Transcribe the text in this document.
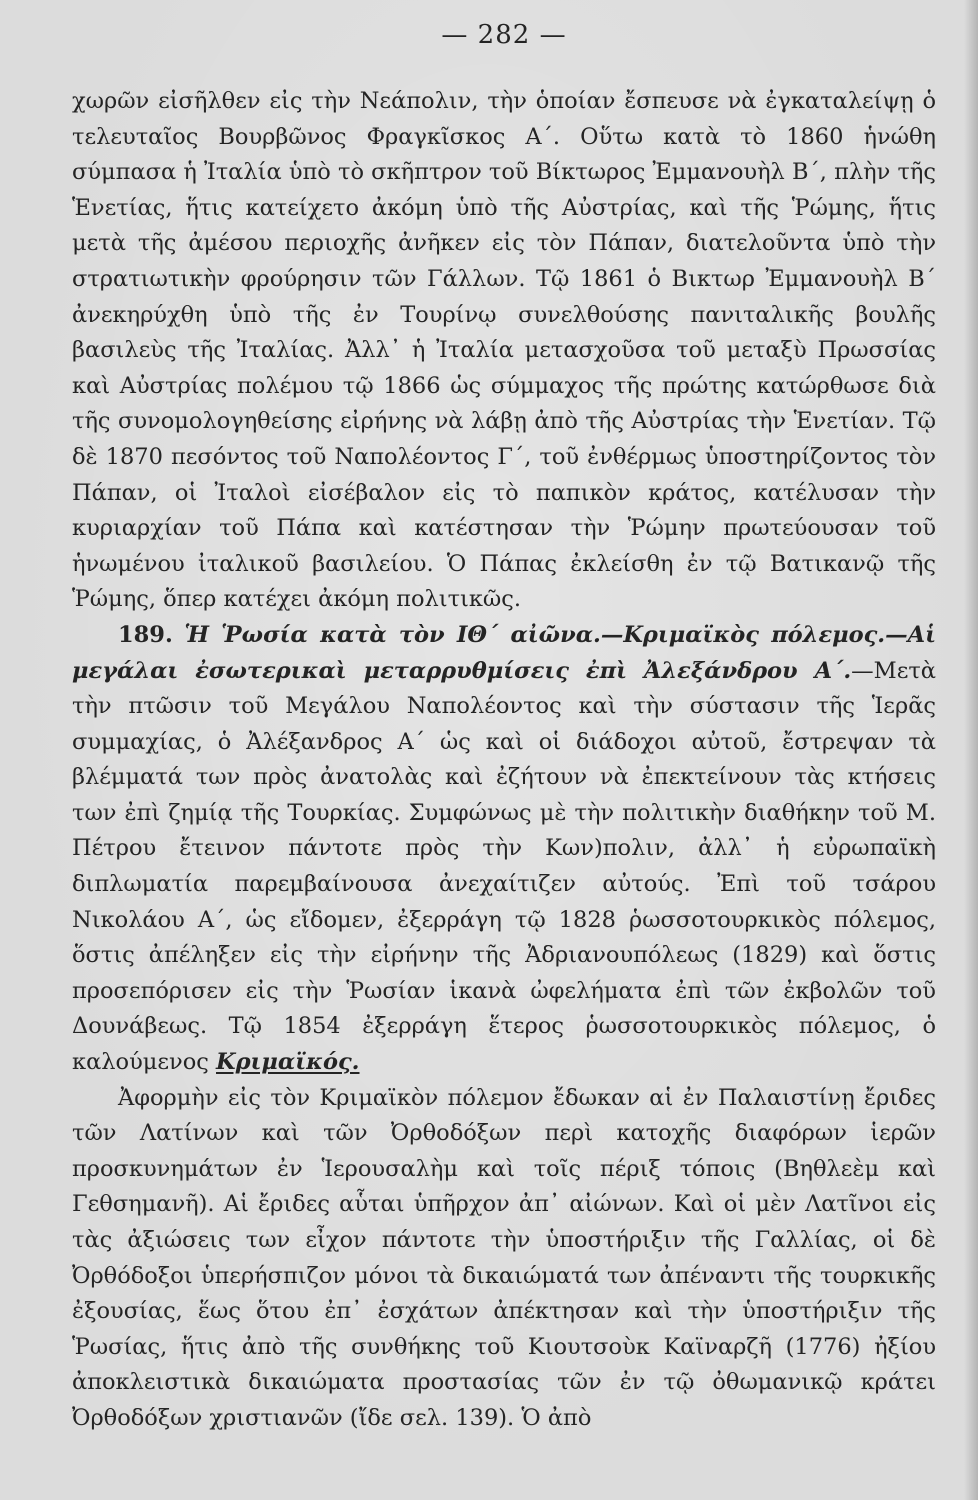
— 282 —

χωρῶν εἰσῆλθεν εἰς τὴν Νεάπολιν, τὴν ὁποίαν ἔσπευσε νὰ ἐγκαταλείψῃ ὁ τελευταῖος Βουρβῶνος Φραγκῖσκος Α΄. Οὕτω κατὰ τὸ 1860 ἡνώθη σύμπασα ἡ Ἰταλία ὑπὸ τὸ σκῆπτρον τοῦ Βίκτωρος Ἐμμανουὴλ Β΄, πλὴν τῆς Ἑνετίας, ἥτις κατείχετο ἀκόμη ὑπὸ τῆς Αὐστρίας, καὶ τῆς Ῥώμης, ἥτις μετὰ τῆς ἀμέσου περιοχῆς ἀνῆκεν εἰς τὸν Πάπαν, διατελοῦντα ὑπὸ τὴν στρατιωτικὴν φρούρησιν τῶν Γάλλων. Τῷ 1861 ὁ Βικτωρ Ἐμμανουὴλ Β΄ ἀνεκηρύχθη ὑπὸ τῆς ἐν Τουρίνῳ συνελθούσης πανιταλικῆς βουλῆς βασιλεὺς τῆς Ἰταλίας. Ἀλλ᾽ ἡ Ἰταλία μετασχοῦσα τοῦ μεταξὺ Πρωσσίας καὶ Αὐστρίας πολέμου τῷ 1866 ὡς σύμμαχος τῆς πρώτης κατώρθωσε διὰ τῆς συνομολογηθείσης εἰρήνης νὰ λάβῃ ἀπὸ τῆς Αὐστρίας τὴν Ἑνετίαν. Τῷ δὲ 1870 πεσόντος τοῦ Ναπολέοντος Γ΄, τοῦ ἐνθέρμως ὑποστηρίζοντος τὸν Πάπαν, οἱ Ἰταλοὶ εἰσέβαλον εἰς τὸ παπικὸν κράτος, κατέλυσαν τὴν κυριαρχίαν τοῦ Πάπα καὶ κατέστησαν τὴν Ῥώμην πρωτεύουσαν τοῦ ἡνωμένου ἰταλικοῦ βασιλείου. Ὁ Πάπας ἐκλείσθη ἐν τῷ Βατικανῷ τῆς Ῥώμης, ὅπερ κατέχει ἀκόμη πολιτικῶς.

189. Ἡ Ῥωσία κατὰ τὸν ΙΘ΄ αἰῶνα.—Κριμαϊκὸς πόλεμος.—Αἱ μεγάλαι ἐσωτερικαὶ μεταρρυθμίσεις ἐπὶ Ἀλεξάνδρου Α΄.—Μετὰ τὴν πτῶσιν τοῦ Μεγάλου Ναπολέοντος καὶ τὴν σύστασιν τῆς Ἱερᾶς συμμαχίας, ὁ Ἀλέξανδρος Α΄ ὡς καὶ οἱ διάδοχοι αὐτοῦ, ἔστρεψαν τὰ βλέμματά των πρὸς ἀνατολὰς καὶ ἐζήτουν νὰ ἐπεκτείνουν τὰς κτήσεις των ἐπὶ ζημίᾳ τῆς Τουρκίας. Συμφώνως μὲ τὴν πολιτικὴν διαθήκην τοῦ Μ. Πέτρου ἔτεινον πάντοτε πρὸς τὴν Κων)πολιν, ἀλλ᾽ ἡ εὐρωπαϊκὴ διπλωματία παρεμβαίνουσα ἀνεχαίτιζεν αὐτούς. Ἐπὶ τοῦ τσάρου Νικολάου Α΄, ὡς εἴδομεν, ἐξερράγη τῷ 1828 ῥωσσοτουρκικὸς πόλεμος, ὅστις ἀπέληξεν εἰς τὴν εἰρήνην τῆς Ἀδριανουπόλεως (1829) καὶ ὅστις προσεπόρισεν εἰς τὴν Ῥωσίαν ἱκανὰ ὠφελήματα ἐπὶ τῶν ἐκβολῶν τοῦ Δουνάβεως. Τῷ 1854 ἐξερράγη ἕτερος ῥωσσοτουρκικὸς πόλεμος, ὁ καλούμενος Κριμαϊκός.

Ἀφορμὴν εἰς τὸν Κριμαϊκὸν πόλεμον ἔδωκαν αἱ ἐν Παλαιστίνῃ ἔριδες τῶν Λατίνων καὶ τῶν Ὀρθοδόξων περὶ κατοχῆς διαφόρων ἱερῶν προσκυνημάτων ἐν Ἱερουσαλὴμ καὶ τοῖς πέριξ τόποις (Βηθλεὲμ καὶ Γεθσημανῆ). Αἱ ἔριδες αὗται ὑπῆρχον ἀπ᾽ αἰώνων. Καὶ οἱ μὲν Λατῖνοι εἰς τὰς ἀξιώσεις των εἶχον πάντοτε τὴν ὑποστήριξιν τῆς Γαλλίας, οἱ δὲ Ὀρθόδοξοι ὑπερήσπιζον μόνοι τὰ δικαιώματά των ἀπέναντι τῆς τουρκικῆς ἐξουσίας, ἕως ὅτου ἐπ᾽ ἐσχάτων ἀπέκτησαν καὶ τὴν ὑποστήριξιν τῆς Ῥωσίας, ἥτις ἀπὸ τῆς συνθήκης τοῦ Κιουτσοὺκ Καϊναρζῆ (1776) ἠξίου ἀποκλειστικὰ δικαιώματα προστασίας τῶν ἐν τῷ ὀθωμανικῷ κράτει Ὀρθοδόξων χριστιανῶν (ἴδε σελ. 139). Ὁ ἀπὸ
